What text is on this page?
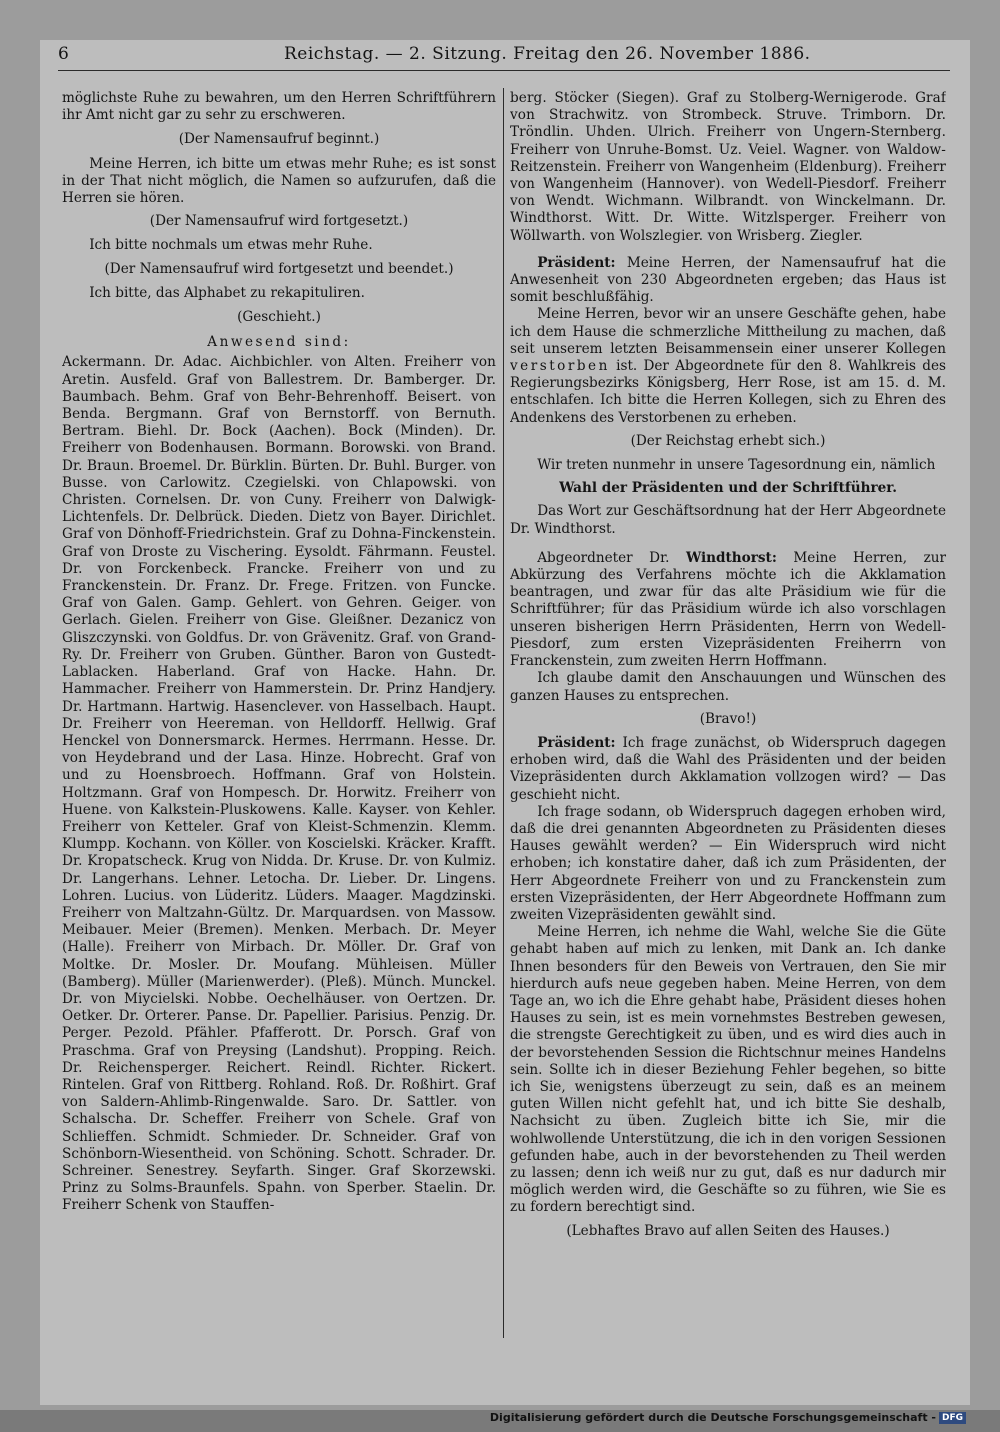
6	Reichstag. — 2. Sitzung. Freitag den 26. November 1886.

möglichste Ruhe zu bewahren, um den Herren Schriftführern ihr Amt nicht gar zu sehr zu erschweren.

(Der Namensaufruf beginnt.)

Meine Herren, ich bitte um etwas mehr Ruhe; es ist sonst in der That nicht möglich, die Namen so aufzurufen, daß die Herren sie hören.

(Der Namensaufruf wird fortgesetzt.)

Ich bitte nochmals um etwas mehr Ruhe.

(Der Namensaufruf wird fortgesetzt und beendet.)

Ich bitte, das Alphabet zu rekapituliren.

(Geschieht.)

Anwesend sind:

Ackermann. Dr. Adac. Aichbichler. von Alten. Freiherr von Aretin. Ausfeld. Graf von Ballestrem. Dr. Bamberger. Dr. Baumbach. Behm. Graf von Behr-Behrenhoff. Beisert. von Benda. Bergmann. Graf von Bernstorff. von Bernuth. Bertram. Biehl. Dr. Bock (Aachen). Bock (Minden). Dr. Freiherr von Bodenhausen. Bormann. Borowski. von Brand. Dr. Braun. Broemel. Dr. Bürklin. Bürten. Dr. Buhl. Burger. von Busse. von Carlowitz. Czegielski. von Chlapowski. von Christen. Cornelsen. Dr. von Cuny. Freiherr von Dalwigk-Lichtenfels. Dr. Delbrück. Dieden. Dietz von Bayer. Dirichlet. Graf von Dönhoff-Friedrichstein. Graf zu Dohna-Finckenstein. Graf von Droste zu Vischering. Eysoldt. Fährmann. Feustel. Dr. von Forckenbeck. Francke. Freiherr von und zu Franckenstein. Dr. Franz. Dr. Frege. Fritzen. von Funcke. Graf von Galen. Gamp. Gehlert. von Gehren. Geiger. von Gerlach. Gielen. Freiherr von Gise. Gleißner. Dezanicz von Gliszczynski. von Goldfus. Dr. von Grävenitz. Graf. von Grand-Ry. Dr. Freiherr von Gruben. Günther. Baron von Gustedt-Lablacken. Haberland. Graf von Hacke. Hahn. Dr. Hammacher. Freiherr von Hammerstein. Dr. Prinz Handjery. Dr. Hartmann. Hartwig. Hasenclever. von Hasselbach. Haupt. Dr. Freiherr von Heereman. von Helldorff. Hellwig. Graf Henckel von Donnersmarck. Hermes. Herrmann. Hesse. Dr. von Heydebrand und der Lasa. Hinze. Hobrecht. Graf von und zu Hoensbroech. Hoffmann. Graf von Holstein. Holtzmann. Graf von Hompesch. Dr. Horwitz. Freiherr von Huene. von Kalkstein-Pluskowens. Kalle. Kayser. von Kehler. Freiherr von Ketteler. Graf von Kleist-Schmenzin. Klemm. Klumpp. Kochann. von Köller. von Koscielski. Kräcker. Krafft. Dr. Kropatscheck. Krug von Nidda. Dr. Kruse. Dr. von Kulmiz. Dr. Langerhans. Lehner. Letocha. Dr. Lieber. Dr. Lingens. Lohren. Lucius. von Lüderitz. Lüders. Maager. Magdzinski. Freiherr von Maltzahn-Gültz. Dr. Marquardsen. von Massow. Meibauer. Meier (Bremen). Menken. Merbach. Dr. Meyer (Halle). Freiherr von Mirbach. Dr. Möller. Dr. Graf von Moltke. Dr. Mosler. Dr. Moufang. Mühleisen. Müller (Bamberg). Müller (Marienwerder). (Pleß). Münch. Munckel. Dr. von Miycielski. Nobbe. Oechelhäuser. von Oertzen. Dr. Oetker. Dr. Orterer. Panse. Dr. Papellier. Parisius. Penzig. Dr. Perger. Pezold. Pfähler. Pfafferott. Dr. Porsch. Graf von Praschma. Graf von Preysing (Landshut). Propping. Reich. Dr. Reichensperger. Reichert. Reindl. Richter. Rickert. Rintelen. Graf von Rittberg. Rohland. Roß. Dr. Roßhirt. Graf von Saldern-Ahlimb-Ringenwalde. Saro. Dr. Sattler. von Schalscha. Dr. Scheffer. Freiherr von Schele. Graf von Schlieffen. Schmidt. Schmieder. Dr. Schneider. Graf von Schönborn-Wiesentheid. von Schöning. Schott. Schrader. Dr. Schreiner. Senestrey. Seyfarth. Singer. Graf Skorzewski. Prinz zu Solms-Braunfels. Spahn. von Sperber. Staelin. Dr. Freiherr Schenk von Stauffen-

berg. Stöcker (Siegen). Graf zu Stolberg-Wernigerode. Graf von Strachwitz. von Strombeck. Struve. Trimborn. Dr. Tröndlin. Uhden. Ulrich. Freiherr von Ungern-Sternberg. Freiherr von Unruhe-Bomst. Uz. Veiel. Wagner. von Waldow-Reitzenstein. Freiherr von Wangenheim (Eldenburg). Freiherr von Wangenheim (Hannover). von Wedell-Piesdorf. Freiherr von Wendt. Wichmann. Wilbrandt. von Winckelmann. Dr. Windthorst. Witt. Dr. Witte. Witzlsperger. Freiherr von Wöllwarth. von Wolszlegier. von Wrisberg. Ziegler.

Präsident: Meine Herren, der Namensaufruf hat die Anwesenheit von 230 Abgeordneten ergeben; das Haus ist somit beschlußfähig.

Meine Herren, bevor wir an unsere Geschäfte gehen, habe ich dem Hause die schmerzliche Mittheilung zu machen, daß seit unserem letzten Beisammensein einer unserer Kollegen verstorben ist. Der Abgeordnete für den 8. Wahlkreis des Regierungsbezirks Königsberg, Herr Rose, ist am 15. d. M. entschlafen. Ich bitte die Herren Kollegen, sich zu Ehren des Andenkens des Verstorbenen zu erheben.

(Der Reichstag erhebt sich.)

Wir treten nunmehr in unsere Tagesordnung ein, nämlich

Wahl der Präsidenten und der Schriftführer.

Das Wort zur Geschäftsordnung hat der Herr Abgeordnete Dr. Windthorst.

Abgeordneter Dr. Windthorst: Meine Herren, zur Abkürzung des Verfahrens möchte ich die Akklamation beantragen, und zwar für das alte Präsidium wie für die Schriftführer; für das Präsidium würde ich also vorschlagen unseren bisherigen Herrn Präsidenten, Herrn von Wedell-Piesdorf, zum ersten Vizepräsidenten Freiherrn von Franckenstein, zum zweiten Herrn Hoffmann.

Ich glaube damit den Anschauungen und Wünschen des ganzen Hauses zu entsprechen.

(Bravo!)

Präsident: Ich frage zunächst, ob Widerspruch dagegen erhoben wird, daß die Wahl des Präsidenten und der beiden Vizepräsidenten durch Akklamation vollzogen wird? — Das geschieht nicht.

Ich frage sodann, ob Widerspruch dagegen erhoben wird, daß die drei genannten Abgeordneten zu Präsidenten dieses Hauses gewählt werden? — Ein Widerspruch wird nicht erhoben; ich konstatire daher, daß ich zum Präsidenten, der Herr Abgeordnete Freiherr von und zu Franckenstein zum ersten Vizepräsidenten, der Herr Abgeordnete Hoffmann zum zweiten Vizepräsidenten gewählt sind.

Meine Herren, ich nehme die Wahl, welche Sie die Güte gehabt haben auf mich zu lenken, mit Dank an. Ich danke Ihnen besonders für den Beweis von Vertrauen, den Sie mir hierdurch aufs neue gegeben haben. Meine Herren, von dem Tage an, wo ich die Ehre gehabt habe, Präsident dieses hohen Hauses zu sein, ist es mein vornehmstes Bestreben gewesen, die strengste Gerechtigkeit zu üben, und es wird dies auch in der bevorstehenden Session die Richtschnur meines Handelns sein. Sollte ich in dieser Beziehung Fehler begehen, so bitte ich Sie, wenigstens überzeugt zu sein, daß es an meinem guten Willen nicht gefehlt hat, und ich bitte Sie deshalb, Nachsicht zu üben. Zugleich bitte ich Sie, mir die wohlwollende Unterstützung, die ich in den vorigen Sessionen gefunden habe, auch in der bevorstehenden zu Theil werden zu lassen; denn ich weiß nur zu gut, daß es nur dadurch mir möglich werden wird, die Geschäfte so zu führen, wie Sie es zu fordern berechtigt sind.

(Lebhaftes Bravo auf allen Seiten des Hauses.)

Digitalisierung gefördert durch die Deutsche Forschungsgemeinschaft - DFG
